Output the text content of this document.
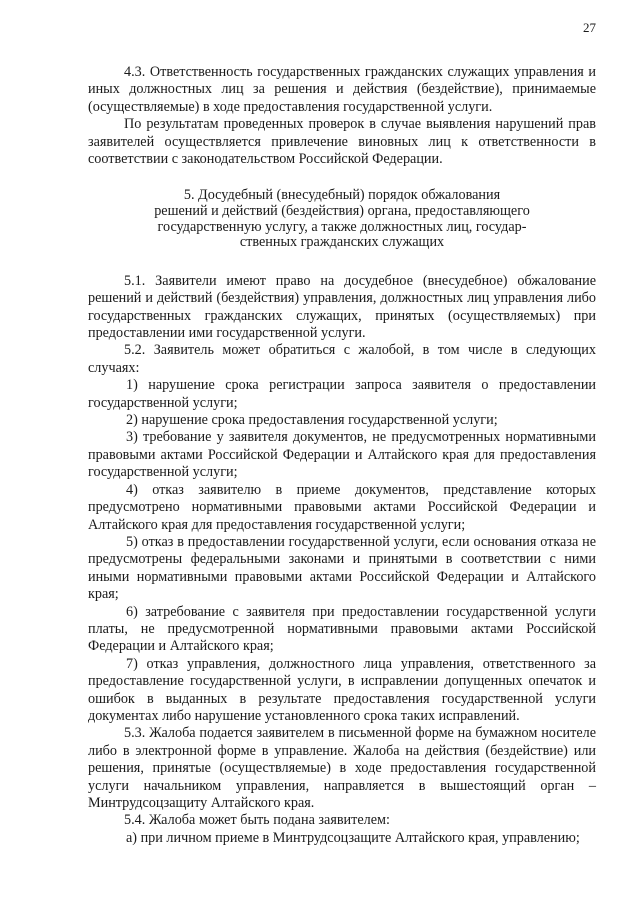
27

4.3. Ответственность государственных гражданских служащих управления и иных должностных лиц за решения и действия (бездействие), принимаемые (осуществляемые) в ходе предоставления государственной услуги.

По результатам проведенных проверок в случае выявления нарушений прав заявителей осуществляется привлечение виновных лиц к ответственности в соответствии с законодательством Российской Федерации.

5. Досудебный (внесудебный) порядок обжалования
решений и действий (бездействия) органа, предоставляющего
государственную услугу, а также должностных лиц, государ-
ственных гражданских служащих

5.1. Заявители имеют право на досудебное (внесудебное) обжалование решений и действий (бездействия) управления, должностных лиц управления либо государственных гражданских служащих, принятых (осуществляемых) при предоставлении ими государственной услуги.

5.2. Заявитель может обратиться с жалобой, в том числе в следующих случаях:

1) нарушение срока регистрации запроса заявителя о предоставлении государственной услуги;

2) нарушение срока предоставления государственной услуги;

3) требование у заявителя документов, не предусмотренных нормативными правовыми актами Российской Федерации и Алтайского края для предоставления государственной услуги;

4) отказ заявителю в приеме документов, представление которых предусмотрено нормативными правовыми актами Российской Федерации и Алтайского края для предоставления государственной услуги;

5) отказ в предоставлении государственной услуги, если основания отказа не предусмотрены федеральными законами и принятыми в соответствии с ними иными нормативными правовыми актами Российской Федерации и Алтайского края;

6) затребование с заявителя при предоставлении государственной услуги платы, не предусмотренной нормативными правовыми актами Российской Федерации и Алтайского края;

7) отказ управления, должностного лица управления, ответственного за предоставление государственной услуги, в исправлении допущенных опечаток и ошибок в выданных в результате предоставления государственной услуги документах либо нарушение установленного срока таких исправлений.

5.3. Жалоба подается заявителем в письменной форме на бумажном носителе либо в электронной форме в управление. Жалоба на действия (бездействие) или решения, принятые (осуществляемые) в ходе предоставления государственной услуги начальником управления, направляется в вышестоящий орган – Минтрудсоцзащиту Алтайского края.

5.4. Жалоба может быть подана заявителем:

а) при личном приеме в Минтрудсоцзащите Алтайского края, управлению;
